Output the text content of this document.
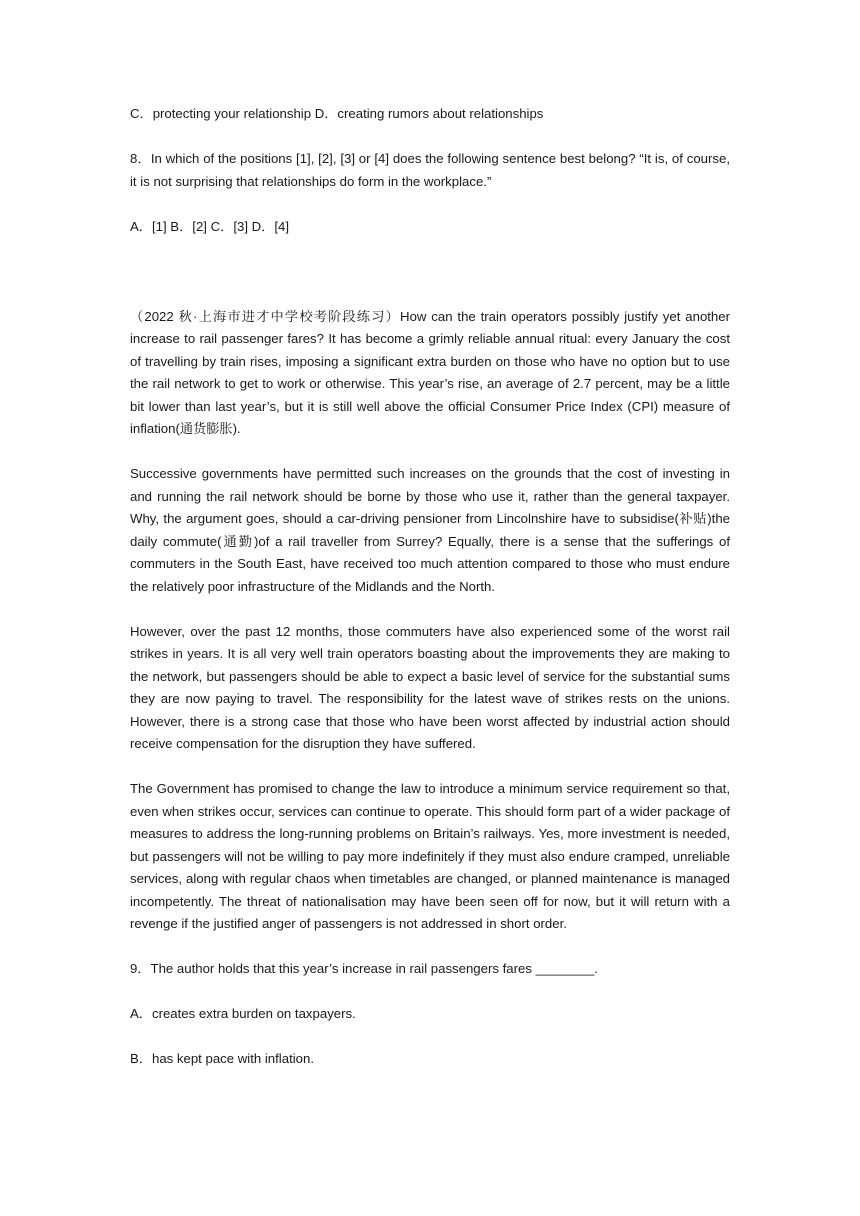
C．protecting your relationship D．creating rumors about relationships

8．In which of the positions [1], [2], [3] or [4] does the following sentence best belong? “It is, of course, it is not surprising that relationships do form in the workplace.”

A．[1] B．[2] C．[3] D．[4]

（2022 秋·上海市进才中学校考阶段练习）How can the train operators possibly justify yet another increase to rail passenger fares? It has become a grimly reliable annual ritual: every January the cost of travelling by train rises, imposing a significant extra burden on those who have no option but to use the rail network to get to work or otherwise. This year’s rise, an average of 2.7 percent, may be a little bit lower than last year’s, but it is still well above the official Consumer Price Index (CPI) measure of inflation(通货膨胀).

Successive governments have permitted such increases on the grounds that the cost of investing in and running the rail network should be borne by those who use it, rather than the general taxpayer. Why, the argument goes, should a car-driving pensioner from Lincolnshire have to subsidise(补贴)the daily commute(通勤)of a rail traveller from Surrey? Equally, there is a sense that the sufferings of commuters in the South East, have received too much attention compared to those who must endure the relatively poor infrastructure of the Midlands and the North.

However, over the past 12 months, those commuters have also experienced some of the worst rail strikes in years. It is all very well train operators boasting about the improvements they are making to the network, but passengers should be able to expect a basic level of service for the substantial sums they are now paying to travel. The responsibility for the latest wave of strikes rests on the unions. However, there is a strong case that those who have been worst affected by industrial action should receive compensation for the disruption they have suffered.

The Government has promised to change the law to introduce a minimum service requirement so that, even when strikes occur, services can continue to operate. This should form part of a wider package of measures to address the long-running problems on Britain’s railways. Yes, more investment is needed, but passengers will not be willing to pay more indefinitely if they must also endure cramped, unreliable services, along with regular chaos when timetables are changed, or planned maintenance is managed incompetently. The threat of nationalisation may have been seen off for now, but it will return with a revenge if the justified anger of passengers is not addressed in short order.

9．The author holds that this year’s increase in rail passengers fares ________.

A．creates extra burden on taxpayers.

B．has kept pace with inflation.
